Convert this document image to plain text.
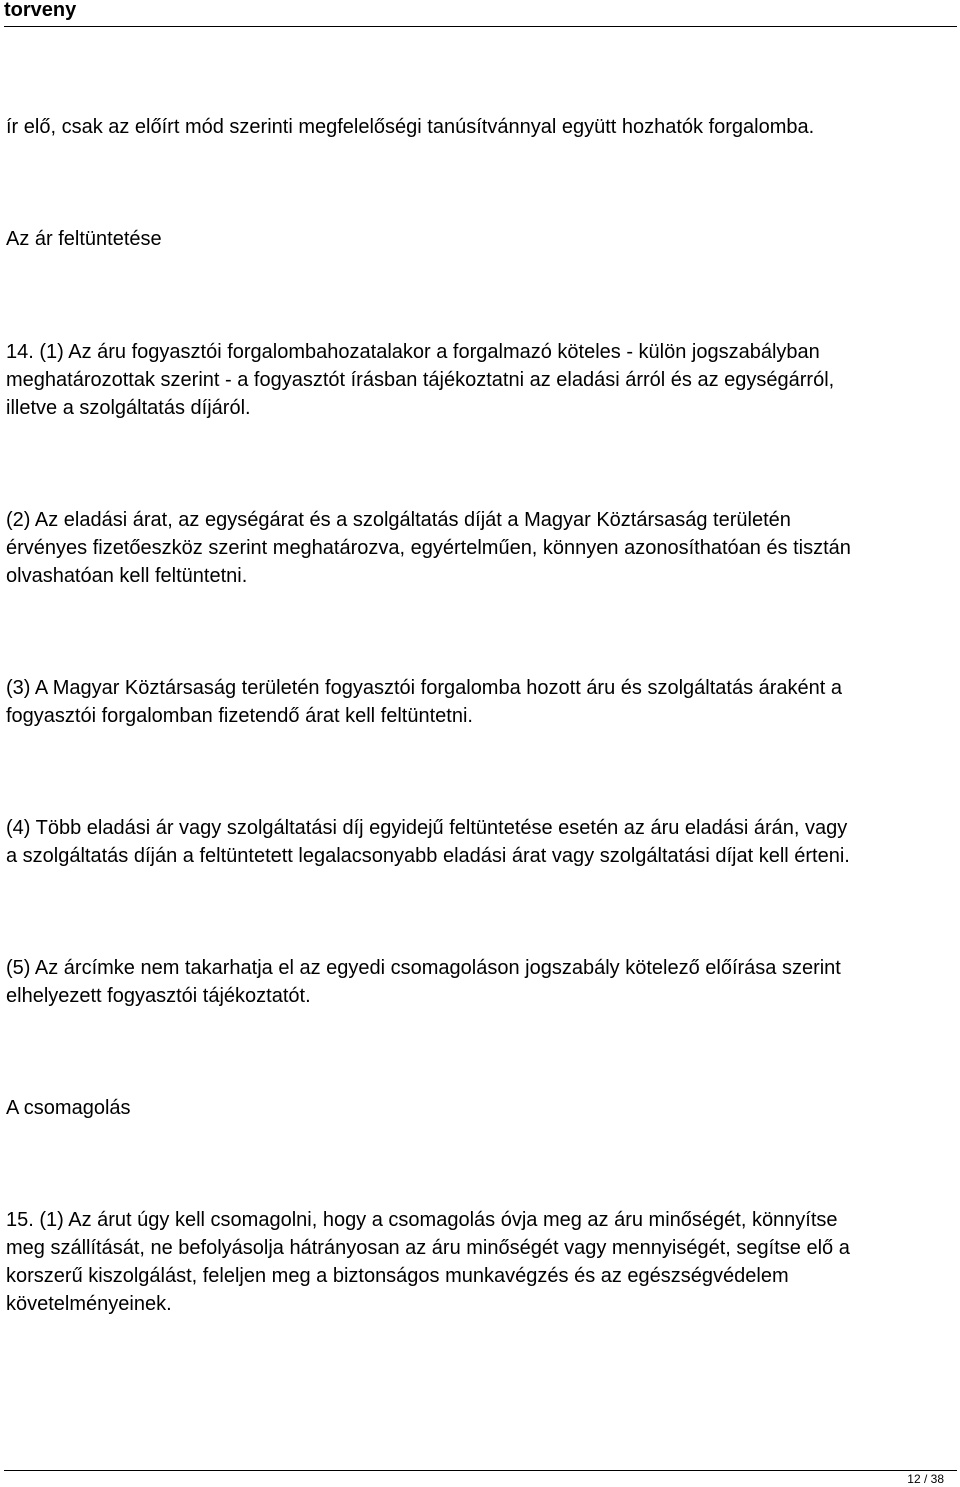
torveny

ír elő, csak az előírt mód szerinti megfelelőségi tanúsítvánnyal együtt hozhatók forgalomba.

Az ár feltüntetése

14. (1) Az áru fogyasztói forgalombahozatalakor a forgalmazó köteles - külön jogszabályban
meghatározottak szerint - a fogyasztót írásban tájékoztatni az eladási árról és az egységárról,
illetve a szolgáltatás díjáról.

(2) Az eladási árat, az egységárat és a szolgáltatás díját a Magyar Köztársaság területén
érvényes fizetőeszköz szerint meghatározva, egyértelműen, könnyen azonosíthatóan és tisztán
olvashatóan kell feltüntetni.

(3) A Magyar Köztársaság területén fogyasztói forgalomba hozott áru és szolgáltatás áraként a
fogyasztói forgalomban fizetendő árat kell feltüntetni.

(4) Több eladási ár vagy szolgáltatási díj egyidejű feltüntetése esetén az áru eladási árán, vagy
a szolgáltatás díján a feltüntetett legalacsonyabb eladási árat vagy szolgáltatási díjat kell érteni.

(5) Az árcímke nem takarhatja el az egyedi csomagoláson jogszabály kötelező előírása szerint
elhelyezett fogyasztói tájékoztatót.

A csomagolás

15. (1) Az árut úgy kell csomagolni, hogy a csomagolás óvja meg az áru minőségét, könnyítse
meg szállítását, ne befolyásolja hátrányosan az áru minőségét vagy mennyiségét, segítse elő a
korszerű kiszolgálást, feleljen meg a biztonságos munkavégzés és az egészségvédelem
követelményeinek.

12 / 38
